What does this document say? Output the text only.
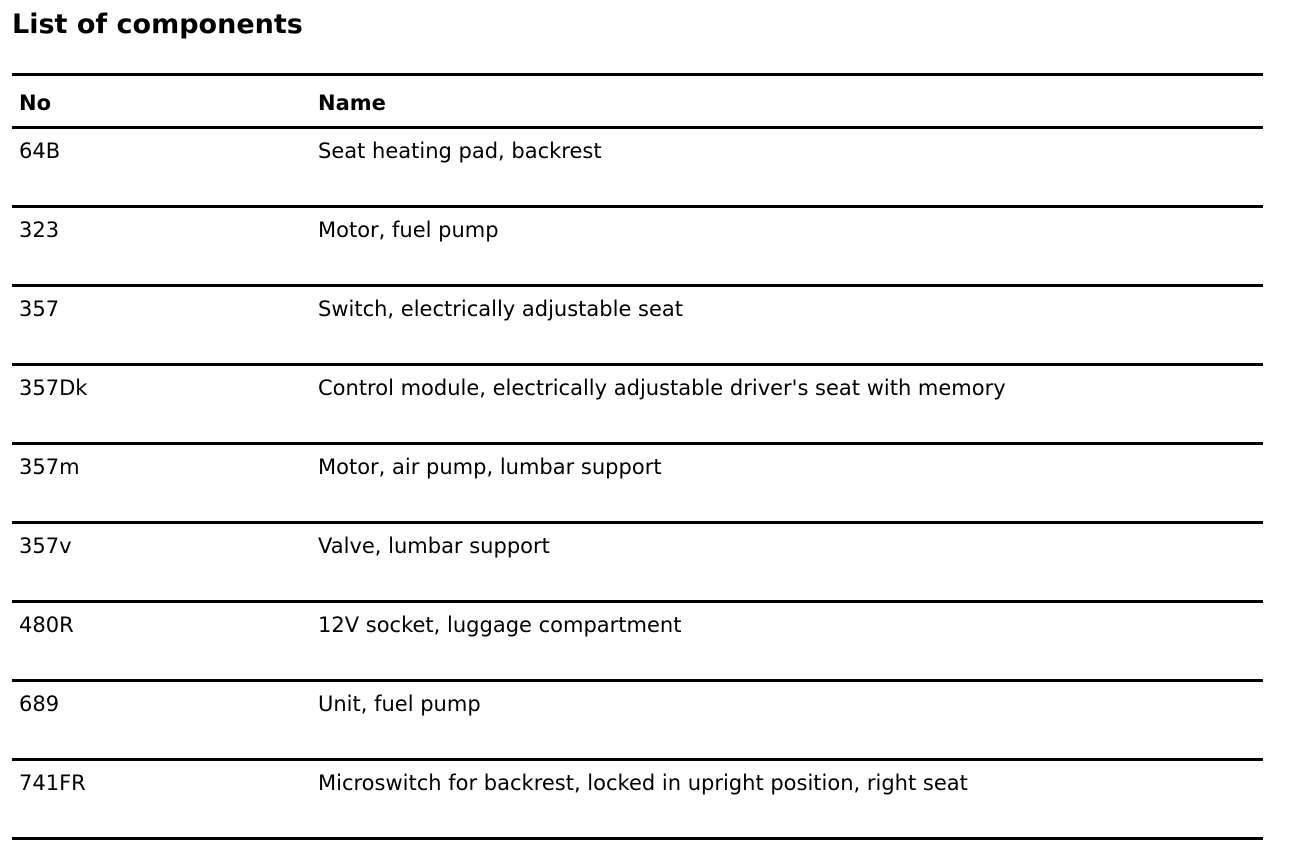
List of components
No	Name
64B	Seat heating pad, backrest
323	Motor, fuel pump
357	Switch, electrically adjustable seat
357Dk	Control module, electrically adjustable driver's seat with memory
357m	Motor, air pump, lumbar support
357v	Valve, lumbar support
480R	12V socket, luggage compartment
689	Unit, fuel pump
741FR	Microswitch for backrest, locked in upright position, right seat
